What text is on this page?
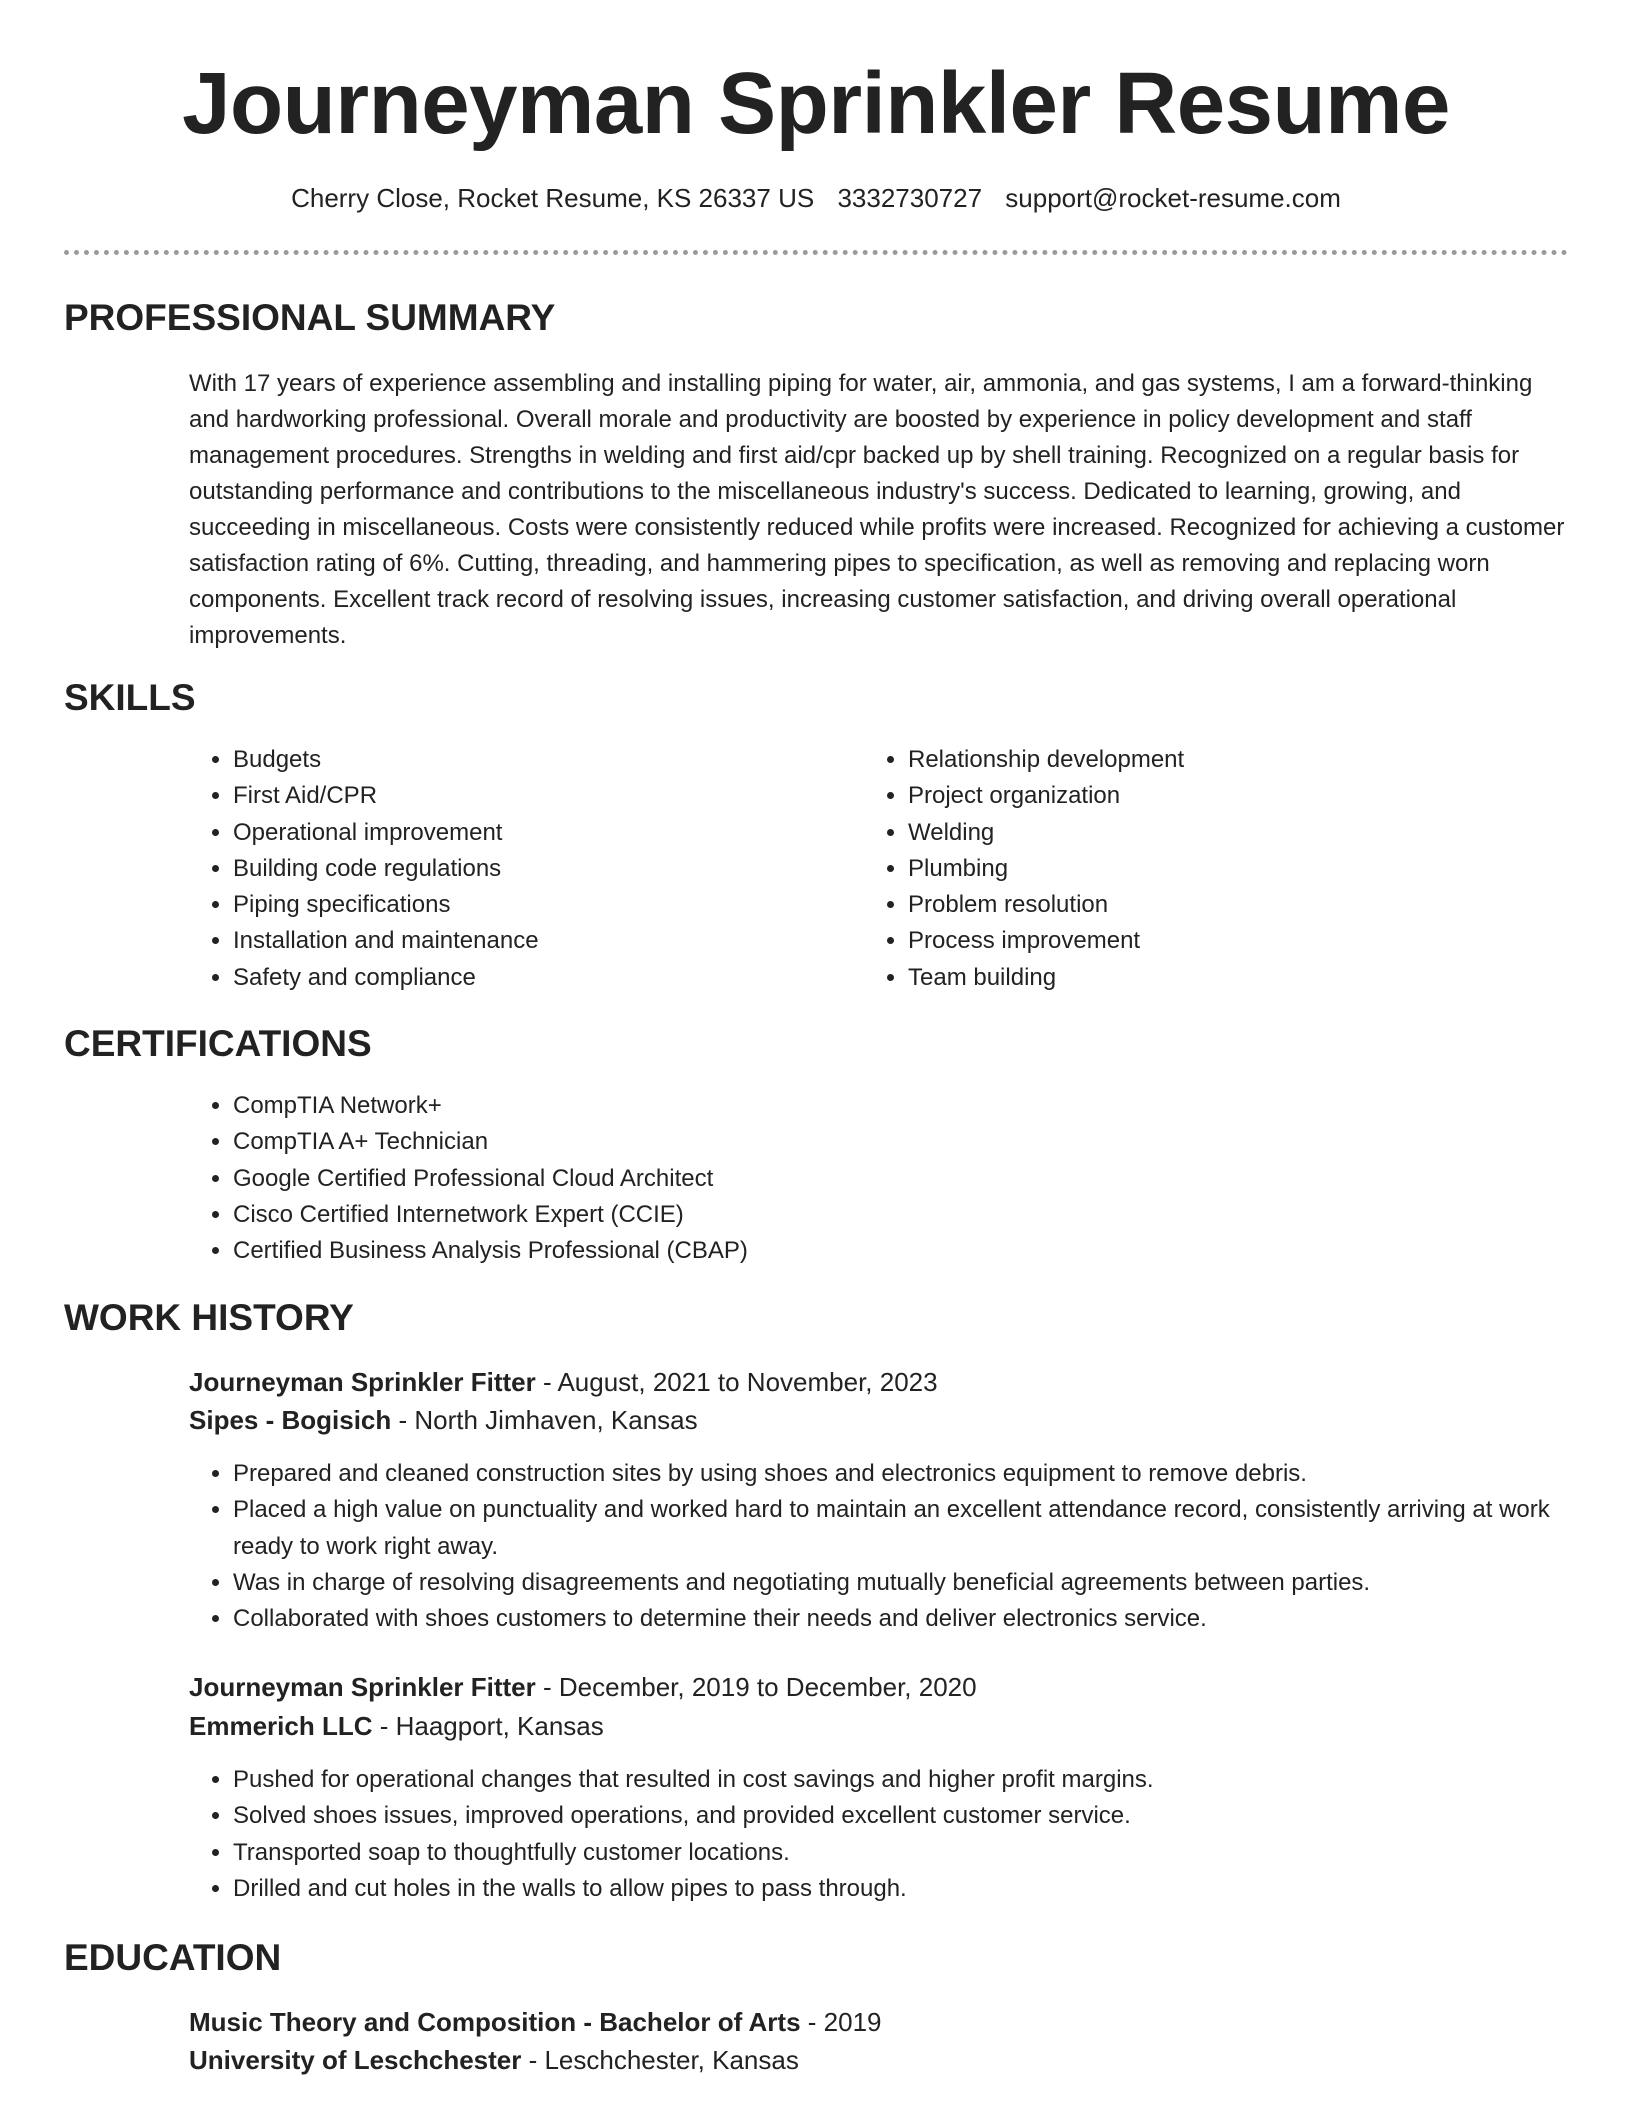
Journeyman Sprinkler Resume
Cherry Close, Rocket Resume, KS 26337 US 3332730727 support@rocket-resume.com
PROFESSIONAL SUMMARY

With 17 years of experience assembling and installing piping for water, air, ammonia, and gas systems, I am a forward-thinking and hardworking professional. Overall morale and productivity are boosted by experience in policy development and staff management procedures. Strengths in welding and first aid/cpr backed up by shell training. Recognized on a regular basis for outstanding performance and contributions to the miscellaneous industry's success. Dedicated to learning, growing, and succeeding in miscellaneous. Costs were consistently reduced while profits were increased. Recognized for achieving a customer satisfaction rating of 6%. Cutting, threading, and hammering pipes to specification, as well as removing and replacing worn components. Excellent track record of resolving issues, increasing customer satisfaction, and driving overall operational improvements.

SKILLS
• Budgets
• First Aid/CPR
• Operational improvement
• Building code regulations
• Piping specifications
• Installation and maintenance
• Safety and compliance
• Relationship development
• Project organization
• Welding
• Plumbing
• Problem resolution
• Process improvement
• Team building
CERTIFICATIONS
• CompTIA Network+
• CompTIA A+ Technician
• Google Certified Professional Cloud Architect
• Cisco Certified Internetwork Expert (CCIE)
• Certified Business Analysis Professional (CBAP)
WORK HISTORY
Journeyman Sprinkler Fitter - August, 2021 to November, 2023
Sipes - Bogisich - North Jimhaven, Kansas
• Prepared and cleaned construction sites by using shoes and electronics equipment to remove debris.
• Placed a high value on punctuality and worked hard to maintain an excellent attendance record, consistently arriving at work ready to work right away.
• Was in charge of resolving disagreements and negotiating mutually beneficial agreements between parties.
• Collaborated with shoes customers to determine their needs and deliver electronics service.
Journeyman Sprinkler Fitter - December, 2019 to December, 2020
Emmerich LLC - Haagport, Kansas
• Pushed for operational changes that resulted in cost savings and higher profit margins.
• Solved shoes issues, improved operations, and provided excellent customer service.
• Transported soap to thoughtfully customer locations.
• Drilled and cut holes in the walls to allow pipes to pass through.
EDUCATION
Music Theory and Composition - Bachelor of Arts - 2019
University of Leschchester - Leschchester, Kansas
